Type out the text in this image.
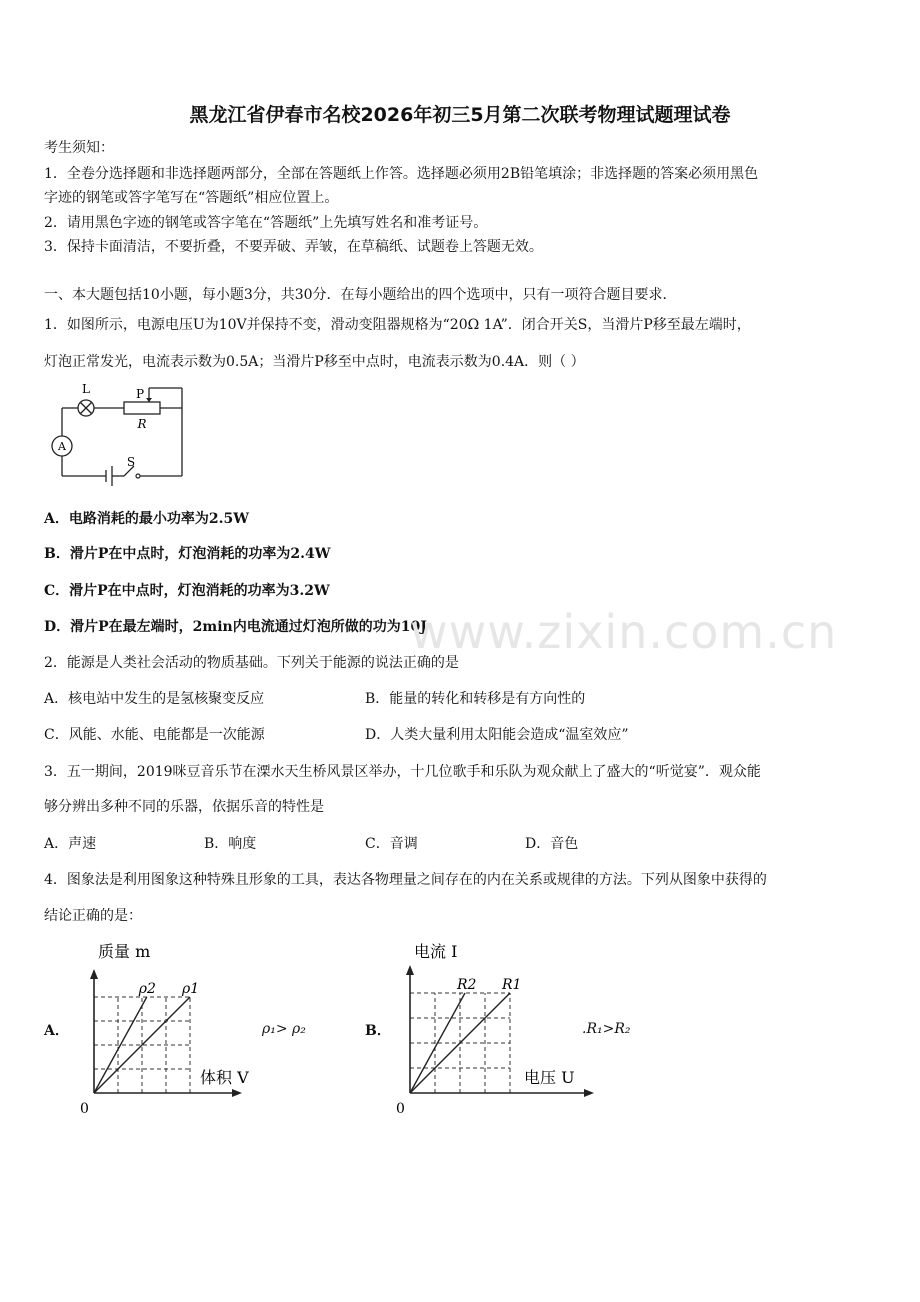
黑龙江省伊春市名校2026年初三5月第二次联考物理试题理试卷
考生须知：
1．全卷分选择题和非选择题两部分，全部在答题纸上作答。选择题必须用2B铅笔填涂；非选择题的答案必须用黑色
字迹的钢笔或答字笔写在“答题纸”相应位置上。
2．请用黑色字迹的钢笔或答字笔在“答题纸”上先填写姓名和准考证号。
3．保持卡面清洁，不要折叠，不要弄破、弄皱，在草稿纸、试题卷上答题无效。
一、本大题包括10小题，每小题3分，共30分．在每小题给出的四个选项中，只有一项符合题目要求．
1．如图所示，电源电压U为10V并保持不变，滑动变阻器规格为“20Ω 1A”．闭合开关S，当滑片P移至最左端时，
灯泡正常发光，电流表示数为0.5A；当滑片P移至中点时，电流表示数为0.4A．则（ ）
L	P
R
A
S
A．电路消耗的最小功率为2.5W
B．滑片P在中点时，灯泡消耗的功率为2.4W
C．滑片P在中点时，灯泡消耗的功率为3.2W
D．滑片P在最左端时，2min内电流通过灯泡所做的功为10J
www.zixin.com.cn
2．能源是人类社会活动的物质基础。下列关于能源的说法正确的是
A．核电站中发生的是氢核聚变反应	B．能量的转化和转移是有方向性的
C．风能、水能、电能都是一次能源	D．人类大量利用太阳能会造成“温室效应”
3．五一期间，2019咪豆音乐节在溧水天生桥风景区举办，十几位歌手和乐队为观众献上了盛大的“听觉宴”．观众能
够分辨出多种不同的乐器，依据乐音的特性是
A．声速	B．响度	C．音调	D．音色
4．图象法是利用图象这种特殊且形象的工具，表达各物理量之间存在的内在关系或规律的方法。下列从图象中获得的
结论正确的是：
A．	ρ₁> ρ₂	B．	.R₁>R₂
ρ2 ρ1
质量 m
体积 V
0
R2 R1
电流 I
电压 U
0
